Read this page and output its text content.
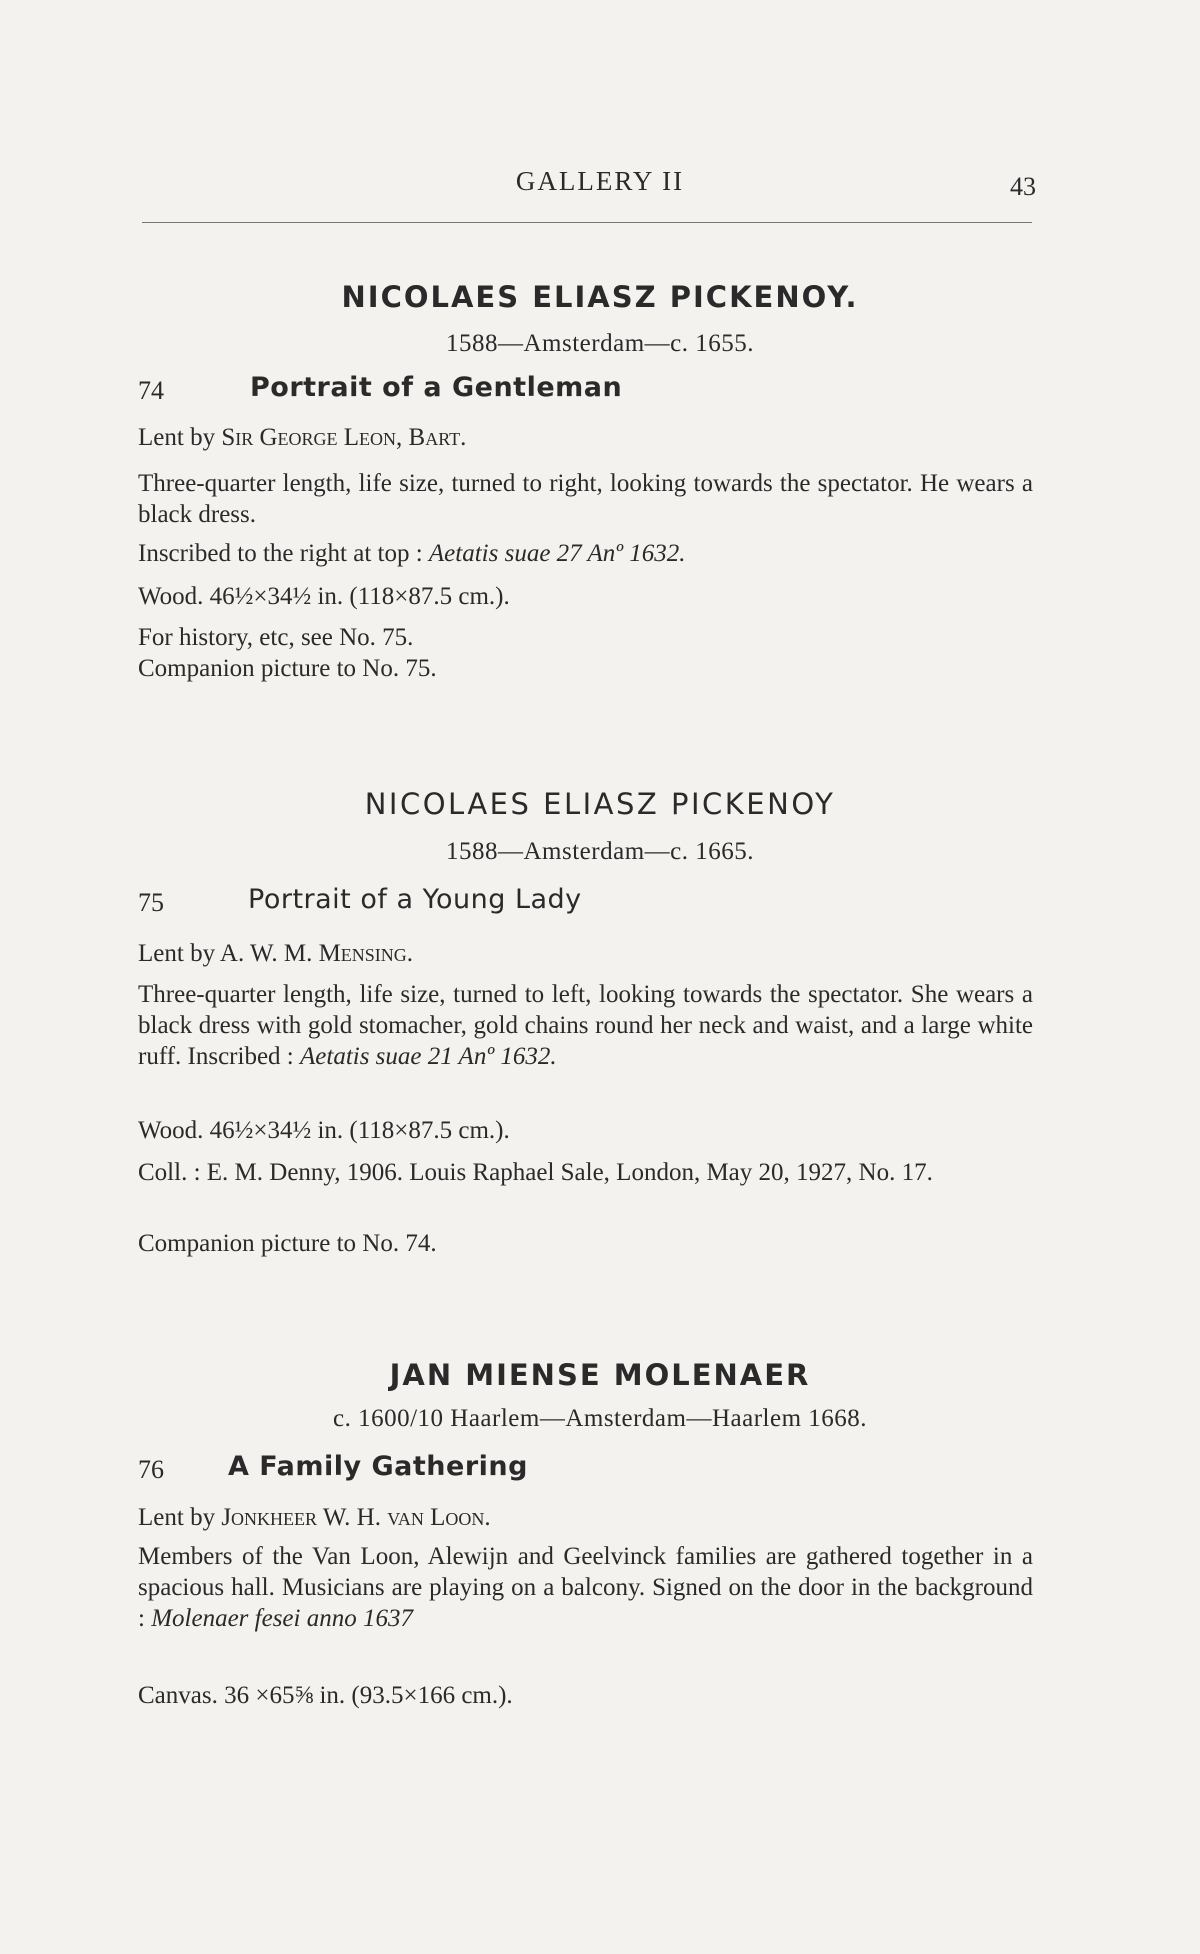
GALLERY II	43
NICOLAES ELIASZ PICKENOY.
1588—Amsterdam—c. 1655.
74	Portrait of a Gentleman
Lent by Sir George Leon, Bart.
Three-quarter length, life size, turned to right, looking towards the spectator. He wears a black dress.
Inscribed to the right at top : Aetatis suae 27 Anº 1632.
Wood. 46½×34½ in. (118×87.5 cm.).
For history, etc, see No. 75.
Companion picture to No. 75.
NICOLAES ELIASZ PICKENOY
1588—Amsterdam—c. 1665.
75	Portrait of a Young Lady
Lent by A. W. M. Mensing.
Three-quarter length, life size, turned to left, looking towards the spectator. She wears a black dress with gold stomacher, gold chains round her neck and waist, and a large white ruff. Inscribed : Aetatis suae 21 Anº 1632.
Wood. 46½×34½ in. (118×87.5 cm.).
Coll. : E. M. Denny, 1906. Louis Raphael Sale, London, May 20, 1927, No. 17.
Companion picture to No. 74.
JAN MIENSE MOLENAER
c. 1600/10 Haarlem—Amsterdam—Haarlem 1668.
76 A Family Gathering
Lent by Jonkheer W. H. van Loon.
Members of the Van Loon, Alewijn and Geelvinck families are gathered together in a spacious hall. Musicians are playing on a balcony. Signed on the door in the background : Molenaer fesei anno 1637
Canvas. 36 ×65⅝ in. (93.5×166 cm.).
